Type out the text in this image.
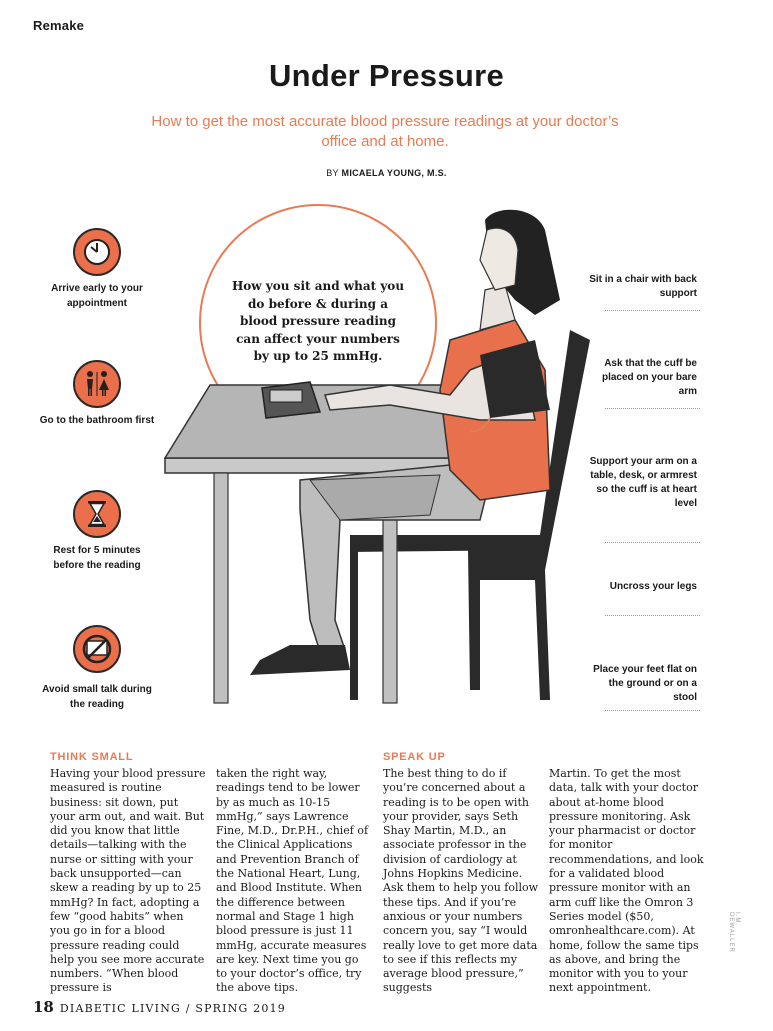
Remake
Under Pressure
How to get the most accurate blood pressure readings at your doctor’s office and at home.
BY MICAELA YOUNG, M.S.
Arrive early to your appointment
Go to the bathroom first
Rest for 5 minutes before the reading
Avoid small talk during the reading
How you sit and what you do before & during a blood pressure reading can affect your numbers by up to 25 mmHg.
Sit in a chair with back support
Ask that the cuff be placed on your bare arm
Support your arm on a table, desk, or armrest so the cuff is at heart level
Uncross your legs
Place your feet flat on the ground or on a stool
THINK SMALL
Having your blood pressure measured is routine business: sit down, put your arm out, and wait. But did you know that little details—talking with the nurse or sitting with your back unsupported—can skew a reading by up to 25 mmHg? In fact, adopting a few “good habits” when you go in for a blood pressure reading could help you see more accurate numbers. “When blood pressure is
taken the right way, readings tend to be lower by as much as 10-15 mmHg,” says Lawrence Fine, M.D., Dr.P.H., chief of the Clinical Applications and Prevention Branch of the National Heart, Lung, and Blood Institute. When the difference between normal and Stage 1 high blood pressure is just 11 mmHg, accurate measures are key. Next time you go to your doctor’s office, try the above tips.
SPEAK UP
The best thing to do if you’re concerned about a reading is to be open with your provider, says Seth Shay Martin, M.D., an associate professor in the division of cardiology at Johns Hopkins Medicine. Ask them to help you follow these tips. And if you’re anxious or your numbers concern you, say “I would really love to get more data to see if this reflects my average blood pressure,” suggests
Martin. To get the most data, talk with your doctor about at-home blood pressure monitoring. Ask your pharmacist or doctor for monitor recommendations, and look for a validated blood pressure monitor with an arm cuff like the Omron 3 Series model ($50, omronhealthcare.com). At home, follow the same tips as above, and bring the monitor with you to your next appointment.
I.M. DEWALLER
18 DIABETIC LIVING / SPRING 2019
